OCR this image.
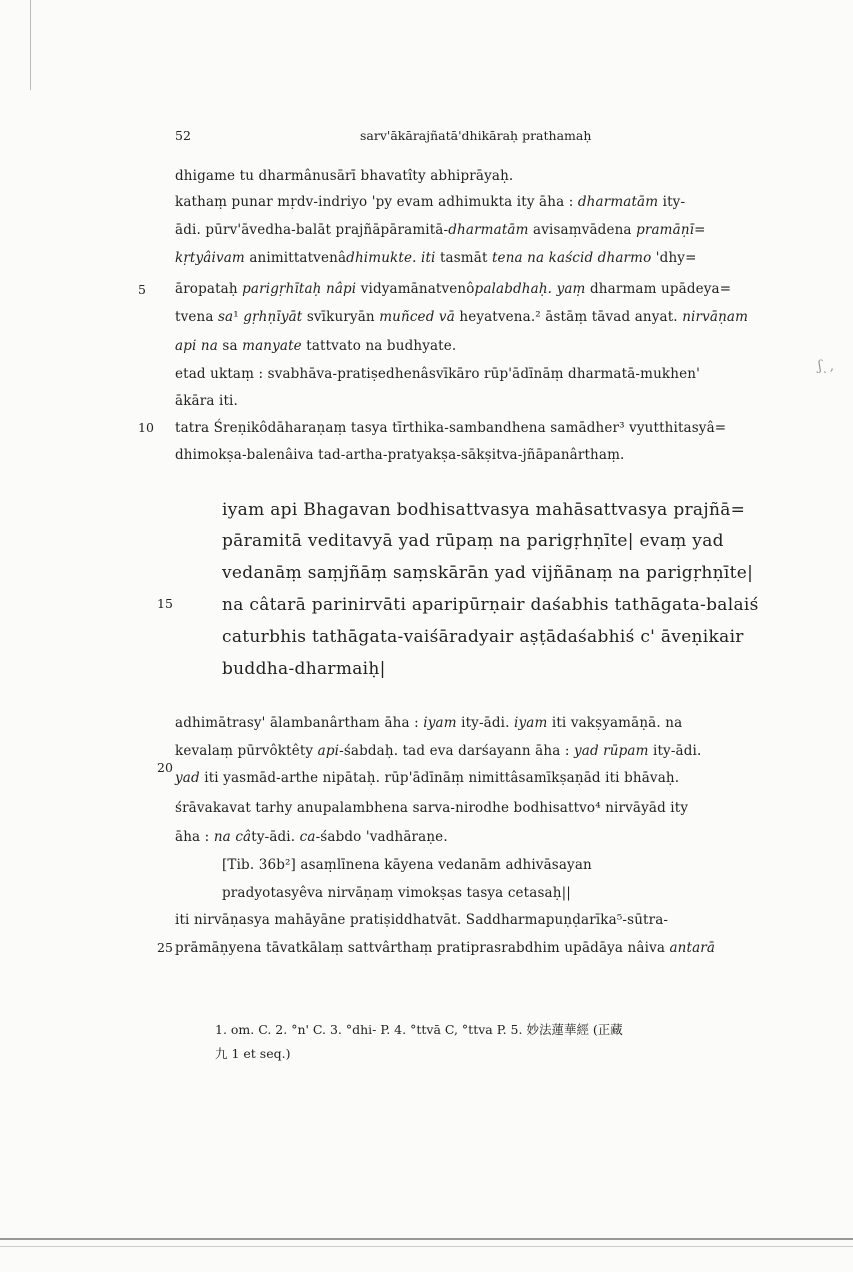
52	sarv'ākārajñatā'dhikāraḥ prathamaḥ
dhigame tu dharmânusārī bhavatîty abhiprāyaḥ.
kathaṃ punar mṛdv-indriyo 'py evam adhimukta ity āha : dharmatām ity-
ādi. pūrv'āvedha-balāt prajñāpāramitā-dharmatām avisaṃvādena pramāṇī=
kṛtyâivam animittatvenâdhimukte. iti tasmāt tena na kaścid dharmo 'dhy=
āropataḥ parigṛhītaḥ nâpi vidyamānatvenôpalabdhaḥ. yaṃ dharmam upādeya=
tvena sa¹ gṛhṇīyāt svīkuryān muñced vā heyatvena.² āstāṃ tāvad anyat. nirvāṇam
api na sa manyate tattvato na budhyate.
etad uktaṃ : svabhāva-pratiṣedhenâsvīkāro rūp'ādīnāṃ dharmatā-mukhen'
ākāra iti.
tatra Śreṇikôdāharaṇaṃ tasya tīrthika-sambandhena samādher³ vyutthitasyâ=
dhimokṣa-balenâiva tad-artha-pratyakṣa-sākṣitva-jñāpanârthaṃ.
5
10
15
20
25
ʃ ͅ ,
iyam api Bhagavan bodhisattvasya mahāsattvasya prajñā=
pāramitā veditavyā yad rūpaṃ na parigṛhṇīte| evaṃ yad
vedanāṃ saṃjñāṃ saṃskārān yad vijñānaṃ na parigṛhṇīte|
na câtarā parinirvāti aparipūrṇair daśabhis tathāgata-balaiś
caturbhis tathāgata-vaiśāradyair aṣṭādaśabhiś c' āveṇikair
buddha-dharmaiḥ|
adhimātrasy' ālambanârtham āha : iyam ity-ādi. iyam iti vakṣyamāṇā. na
kevalaṃ pūrvôktêty api-śabdaḥ. tad eva darśayann āha : yad rūpam ity-ādi.
yad iti yasmād-arthe nipātaḥ. rūp'ādīnāṃ nimittâsamīkṣaṇād iti bhāvaḥ.
śrāvakavat tarhy anupalambhena sarva-nirodhe bodhisattvo⁴ nirvāyād ity
āha : na câty-ādi. ca-śabdo 'vadhāraṇe.
[Tib. 36b²] asaṃlīnena kāyena vedanām adhivāsayan
pradyotasyêva nirvāṇaṃ vimokṣas tasya cetasaḥ||
iti nirvāṇasya mahāyāne pratiṣiddhatvāt. Saddharmapuṇḍarīka⁵-sūtra-
prāmāṇyena tāvatkālaṃ sattvârthaṃ pratiprasrabdhim upādāya nâiva antarā
1. om. C. 2. °n' C. 3. °dhi- P. 4. °ttvā C, °ttva P. 5. 妙法蓮華經 (正藏
九 1 et seq.)
